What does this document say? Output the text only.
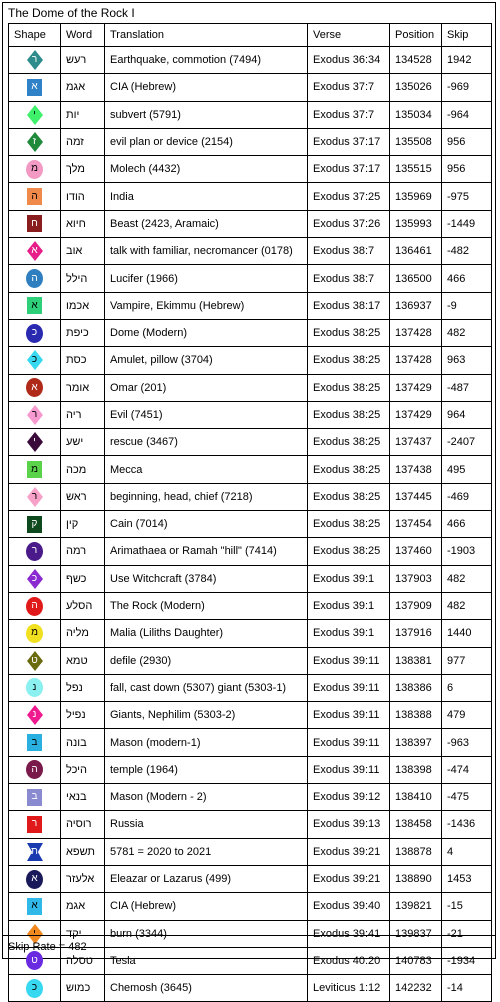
The Dome of the Rock I
Shape	Word	Translation	Verse	Position	Skip

ר	רעש	Earthquake, commotion (7494)	Exodus 36:34	134528	1942

א	אגמ	CIA (Hebrew)	Exodus 37:7	135026	-969

י	יות	subvert (5791)	Exodus 37:7	135034	-964

ז	זמה	evil plan or device (2154)	Exodus 37:17	135508	956

מ	מלך	Molech (4432)	Exodus 37:17	135515	956

ה	הודו	India	Exodus 37:25	135969	-975

ח	חיוא	Beast (2423, Aramaic)	Exodus 37:26	135993	-1449

א	אוב	talk with familiar, necromancer (0178)	Exodus 38:7	136461	-482

ה	הילל	Lucifer (1966)	Exodus 38:7	136500	466

א	אכמו	Vampire, Ekimmu (Hebrew)	Exodus 38:17	136937	-9

כ	כיפת	Dome (Modern)	Exodus 38:25	137428	482

כ	כסת	Amulet, pillow (3704)	Exodus 38:25	137428	963

א	אומר	Omar (201)	Exodus 38:25	137429	-487

ר	ריה	Evil (7451)	Exodus 38:25	137429	964

י	ישע	rescue (3467)	Exodus 38:25	137437	-2407

מ	מכה	Mecca	Exodus 38:25	137438	495

ר	ראש	beginning, head, chief (7218)	Exodus 38:25	137445	-469

ק	קין	Cain (7014)	Exodus 38:25	137454	466

ר	רמה	Arimathaea or Ramah "hill" (7414)	Exodus 38:25	137460	-1903

כ	כשף	Use Witchcraft (3784)	Exodus 39:1	137903	482

ה	הסלע	The Rock (Modern)	Exodus 39:1	137909	482

מ	מליה	Malia (Liliths Daughter)	Exodus 39:1	137916	1440

ט	טמא	defile (2930)	Exodus 39:11	138381	977

נ	נפל	fall, cast down (5307) giant (5303-1)	Exodus 39:11	138386	6

נ	נפיל	Giants, Nephilim (5303-2)	Exodus 39:11	138388	479

ב	בונה	Mason (modern-1)	Exodus 39:11	138397	-963

ה	היכל	temple (1964)	Exodus 39:11	138398	-474

ב	בנאי	Mason (Modern - 2)	Exodus 39:12	138410	-475

ר	רוסיה	Russia	Exodus 39:13	138458	-1436

ת	תשפא	5781 = 2020 to 2021	Exodus 39:21	138878	4

א	אלעזר	Eleazar or Lazarus (499)	Exodus 39:21	138890	1453

א	אגמ	CIA (Hebrew)	Exodus 39:40	139821	-15

י	יקד	burn (3344)	Exodus 39:41	139837	-21

ט	טסלה	Tesla	Exodus 40:20	140783	-1934

כ	כמוש	Chemosh (3645)	Leviticus 1:12	142232	-14
Skip Rate = 482
